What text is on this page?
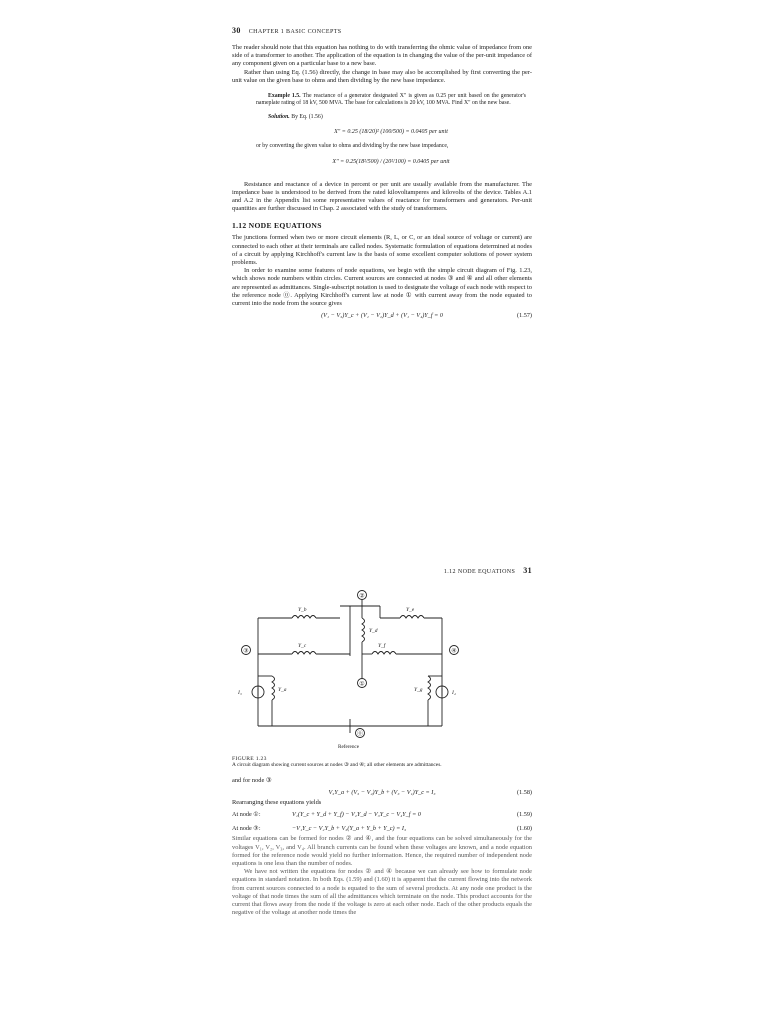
30 CHAPTER 1 BASIC CONCEPTS

The reader should note that this equation has nothing to do with transferring the ohmic value of impedance from one side of a transformer to another. The application of the equation is in changing the value of the per-unit impedance of any component given on a particular base to a new base.

Rather than using Eq. (1.56) directly, the change in base may also be accomplished by first converting the per-unit value on the given base to ohms and then dividing by the new base impedance.

Example 1.5. The reactance of a generator designated X″ is given as 0.25 per unit based on the generator's nameplate rating of 18 kV, 500 MVA. The base for calculations is 20 kV, 100 MVA. Find X″ on the new base.

Solution. By Eq. (1.56)

X″ = 0.25 (18/20)² (100/500) = 0.0405 per unit

or by converting the given value to ohms and dividing by the new base impedance,

X″ = 0.25(18²/500) / (20²/100) = 0.0405 per unit

Resistance and reactance of a device in percent or per unit are usually available from the manufacturer. The impedance base is understood to be derived from the rated kilovoltamperes and kilovolts of the device. Tables A.1 and A.2 in the Appendix list some representative values of reactance for transformers and generators. Per-unit quantities are further discussed in Chap. 2 associated with the study of transformers.

1.12 NODE EQUATIONS

The junctions formed when two or more circuit elements (R, L, or C, or an ideal source of voltage or current) are connected to each other at their terminals are called nodes. Systematic formulation of equations determined at nodes of a circuit by applying Kirchhoff's current law is the basis of some excellent computer solutions of power system problems.

In order to examine some features of node equations, we begin with the simple circuit diagram of Fig. 1.23, which shows node numbers within circles. Current sources are connected at nodes ③ and ④ and all other elements are represented as admittances. Single-subscript notation is used to designate the voltage of each node with respect to the reference node ⓪. Applying Kirchhoff's current law at node ① with current away from the node equated to current into the node from the source gives

(V₁ − V₃)Y_c + (V₁ − V₂)Y_d + (V₁ − V₄)Y_f = 0	(1.57)
1.12 NODE EQUATIONS 31
②
①
③	④
⓪
Y_b	Y_e
Y_d
Y_c	Y_f
Y_a	Y_g
I₃	I₄
Reference
FIGURE 1.23
A circuit diagram showing current sources at nodes ③ and ④; all other elements are admittances.

and for node ③

V₃Y_a + (V₃ − V₂)Y_b + (V₃ − V₁)Y_c = I₃	(1.58)

Rearranging these equations yields

At node ①:	V₁(Y_c + Y_d + Y_f) − V₂Y_d − V₃Y_c − V₄Y_f = 0	(1.59)
At node ③:	−V₁Y_c − V₂Y_b + V₃(Y_a + Y_b + Y_c) = I₃	(1.60)

Similar equations can be formed for nodes ② and ④, and the four equations can be solved simultaneously for the voltages V₁, V₂, V₃, and V₄. All branch currents can be found when these voltages are known, and a node equation formed for the reference node would yield no further information. Hence, the required number of independent node equations is one less than the number of nodes.

We have not written the equations for nodes ② and ④ because we can already see how to formulate node equations in standard notation. In both Eqs. (1.59) and (1.60) it is apparent that the current flowing into the network from current sources connected to a node is equated to the sum of several products. At any node one product is the voltage of that node times the sum of all the admittances which terminate on the node. This product accounts for the current that flows away from the node if the voltage is zero at each other node. Each of the other products equals the negative of the voltage at another node times the
